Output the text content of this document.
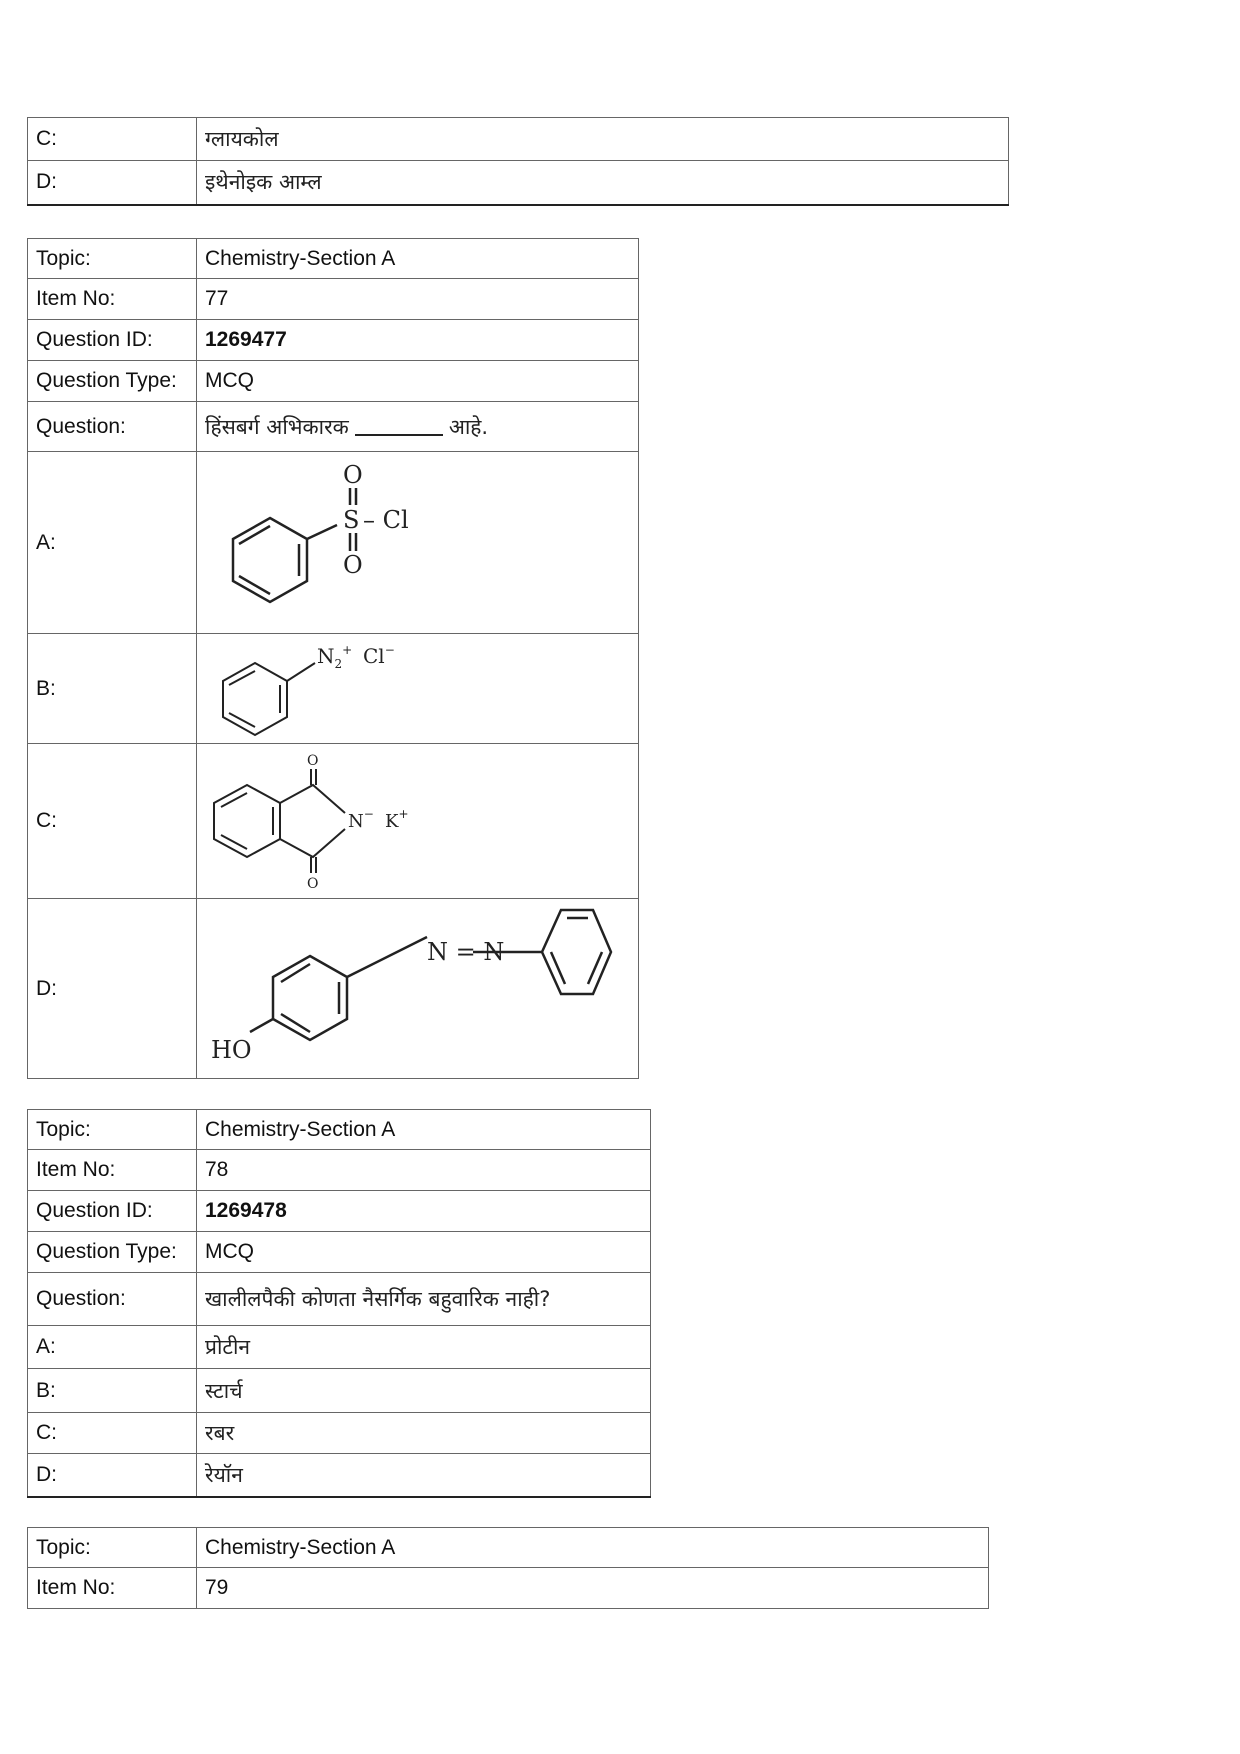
C:	ग्लायकोल
D:	इथेनोइक आम्ल
Topic:	Chemistry-Section A
Item No:	77
Question ID:	1269477
Question Type:	MCQ
Question:	हिंसबर्ग अभिकारक आहे.
A:	O
S – Cl
O

B:	$N_2^+$ Cl−

C:	O
N− K+
O

D:	N = N
HO
Topic:	Chemistry-Section A
Item No:	78
Question ID:	1269478
Question Type:	MCQ
Question:	खालीलपैकी कोणता नैसर्गिक बहुवारिक नाही?
A:	प्रोटीन
B:	स्टार्च
C:	रबर
D:	रेयॉन
Topic:	Chemistry-Section A
Item No:	79
